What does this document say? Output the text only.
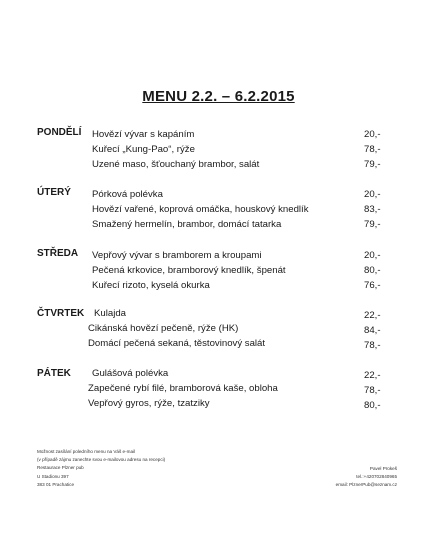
MENU 2.2. – 6.2.2015
PONDĚLÍ Hovězí vývar s kapáním	20,-
Kuřecí „Kung-Pao“, rýže	78,-
Uzené maso, šťouchaný brambor, salát	79,-
ÚTERÝ Pórková polévka	20,-
Hovězí vařené, koprová omáčka, houskový knedlík	83,-
Smažený hermelín, brambor, domácí tatarka	79,-
STŘEDA Vepřový vývar s bramborem a kroupami	20,-
Pečená krkovice, bramborový knedlík, špenát	80,-
Kuřecí rizoto, kyselá okurka	76,-
ČTVRTEK Kulajda	22,-
Cikánská hovězí pečeně, rýže (HK)	84,-
Domácí pečená sekaná, těstovinový salát	78,-
PÁTEK Gulášová polévka	22,-
Zapečené rybí filé, bramborová kaše, obloha	78,-
Vepřový gyros, rýže, tzatziky	80,-
Možnost zasílání poledního menu na Váš e-mail
(v případě zájmu zanechte svou e-mailovou adresu na recepci)
Restaurace Plzner pub
U Stadionu 397
383 01 Prachatice
Pavel Prokeš
tel.:+420702840965
email: PlznerPub@seznam.cz
